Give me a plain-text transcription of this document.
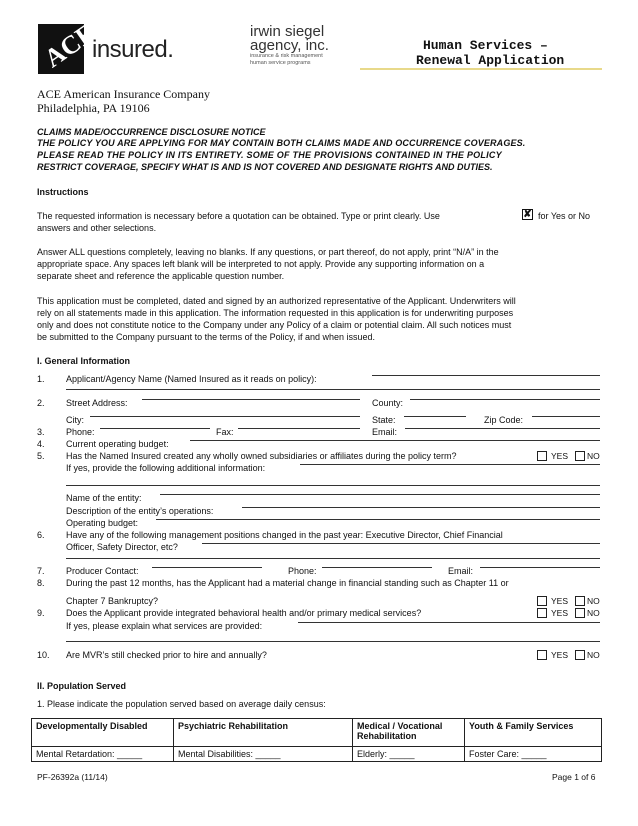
ACE
insured.
irwin siegel
agency, inc.
insurance & risk management
human service programs
Human Services –
Renewal Application
ACE American Insurance Company
Philadelphia, PA 19106
CLAIMS MADE/OCCURRENCE DISCLOSURE NOTICE
THE POLICY YOU ARE APPLYING FOR MAY CONTAIN BOTH CLAIMS MADE AND OCCURRENCE COVERAGES.
PLEASE READ THE POLICY IN ITS ENTIRETY. SOME OF THE PROVISIONS CONTAINED IN THE POLICY
RESTRICT COVERAGE, SPECIFY WHAT IS AND IS NOT COVERED AND DESIGNATE RIGHTS AND DUTIES.
Instructions
The requested information is necessary before a quotation can be obtained. Type or print clearly. Use	✘ for Yes or No
answers and other selections.
Answer ALL questions completely, leaving no blanks. If any questions, or part thereof, do not apply, print “N/A” in the
appropriate space. Any spaces left blank will be interpreted to not apply. Provide any supporting information on a
separate sheet and reference the applicable question number.
This application must be completed, dated and signed by an authorized representative of the Applicant. Underwriters will
rely on all statements made in this application. The information requested in this application is for underwriting purposes
only and does not constitute notice to the Company under any Policy of a claim or potential claim. All such notices must
be submitted to the Company pursuant to the terms of the Policy, if and when issued.
I. General Information
1. Applicant/Agency Name (Named Insured as it reads on policy):
2. Street Address:	County:
City:	State:	Zip Code:
3. Phone:	Fax:	Email:
4. Current operating budget:
5. Has the Named Insured created any wholly owned subsidiaries or affiliates during the policy term?	YES NO
If yes, provide the following additional information:
Name of the entity:
Description of the entity’s operations:
Operating budget:
6. Have any of the following management positions changed in the past year: Executive Director, Chief Financial
Officer, Safety Director, etc?
7. Producer Contact:	Phone:	Email:
8. During the past 12 months, has the Applicant had a material change in financial standing such as Chapter 11 or
Chapter 7 Bankruptcy?	YES NO
9. Does the Applicant provide integrated behavioral health and/or primary medical services?	YES NO
If yes, please explain what services are provided:
10. Are MVR’s still checked prior to hire and annually?	YES NO
II. Population Served
1. Please indicate the population served based on average daily census:
Developmentally Disabled	Psychiatric Rehabilitation	Medical / Vocational Rehabilitation	Youth & Family Services
Mental Retardation: _____	Mental Disabilities: _____	Elderly: _____	Foster Care: _____
PF-26392a (11/14)	Page 1 of 6
